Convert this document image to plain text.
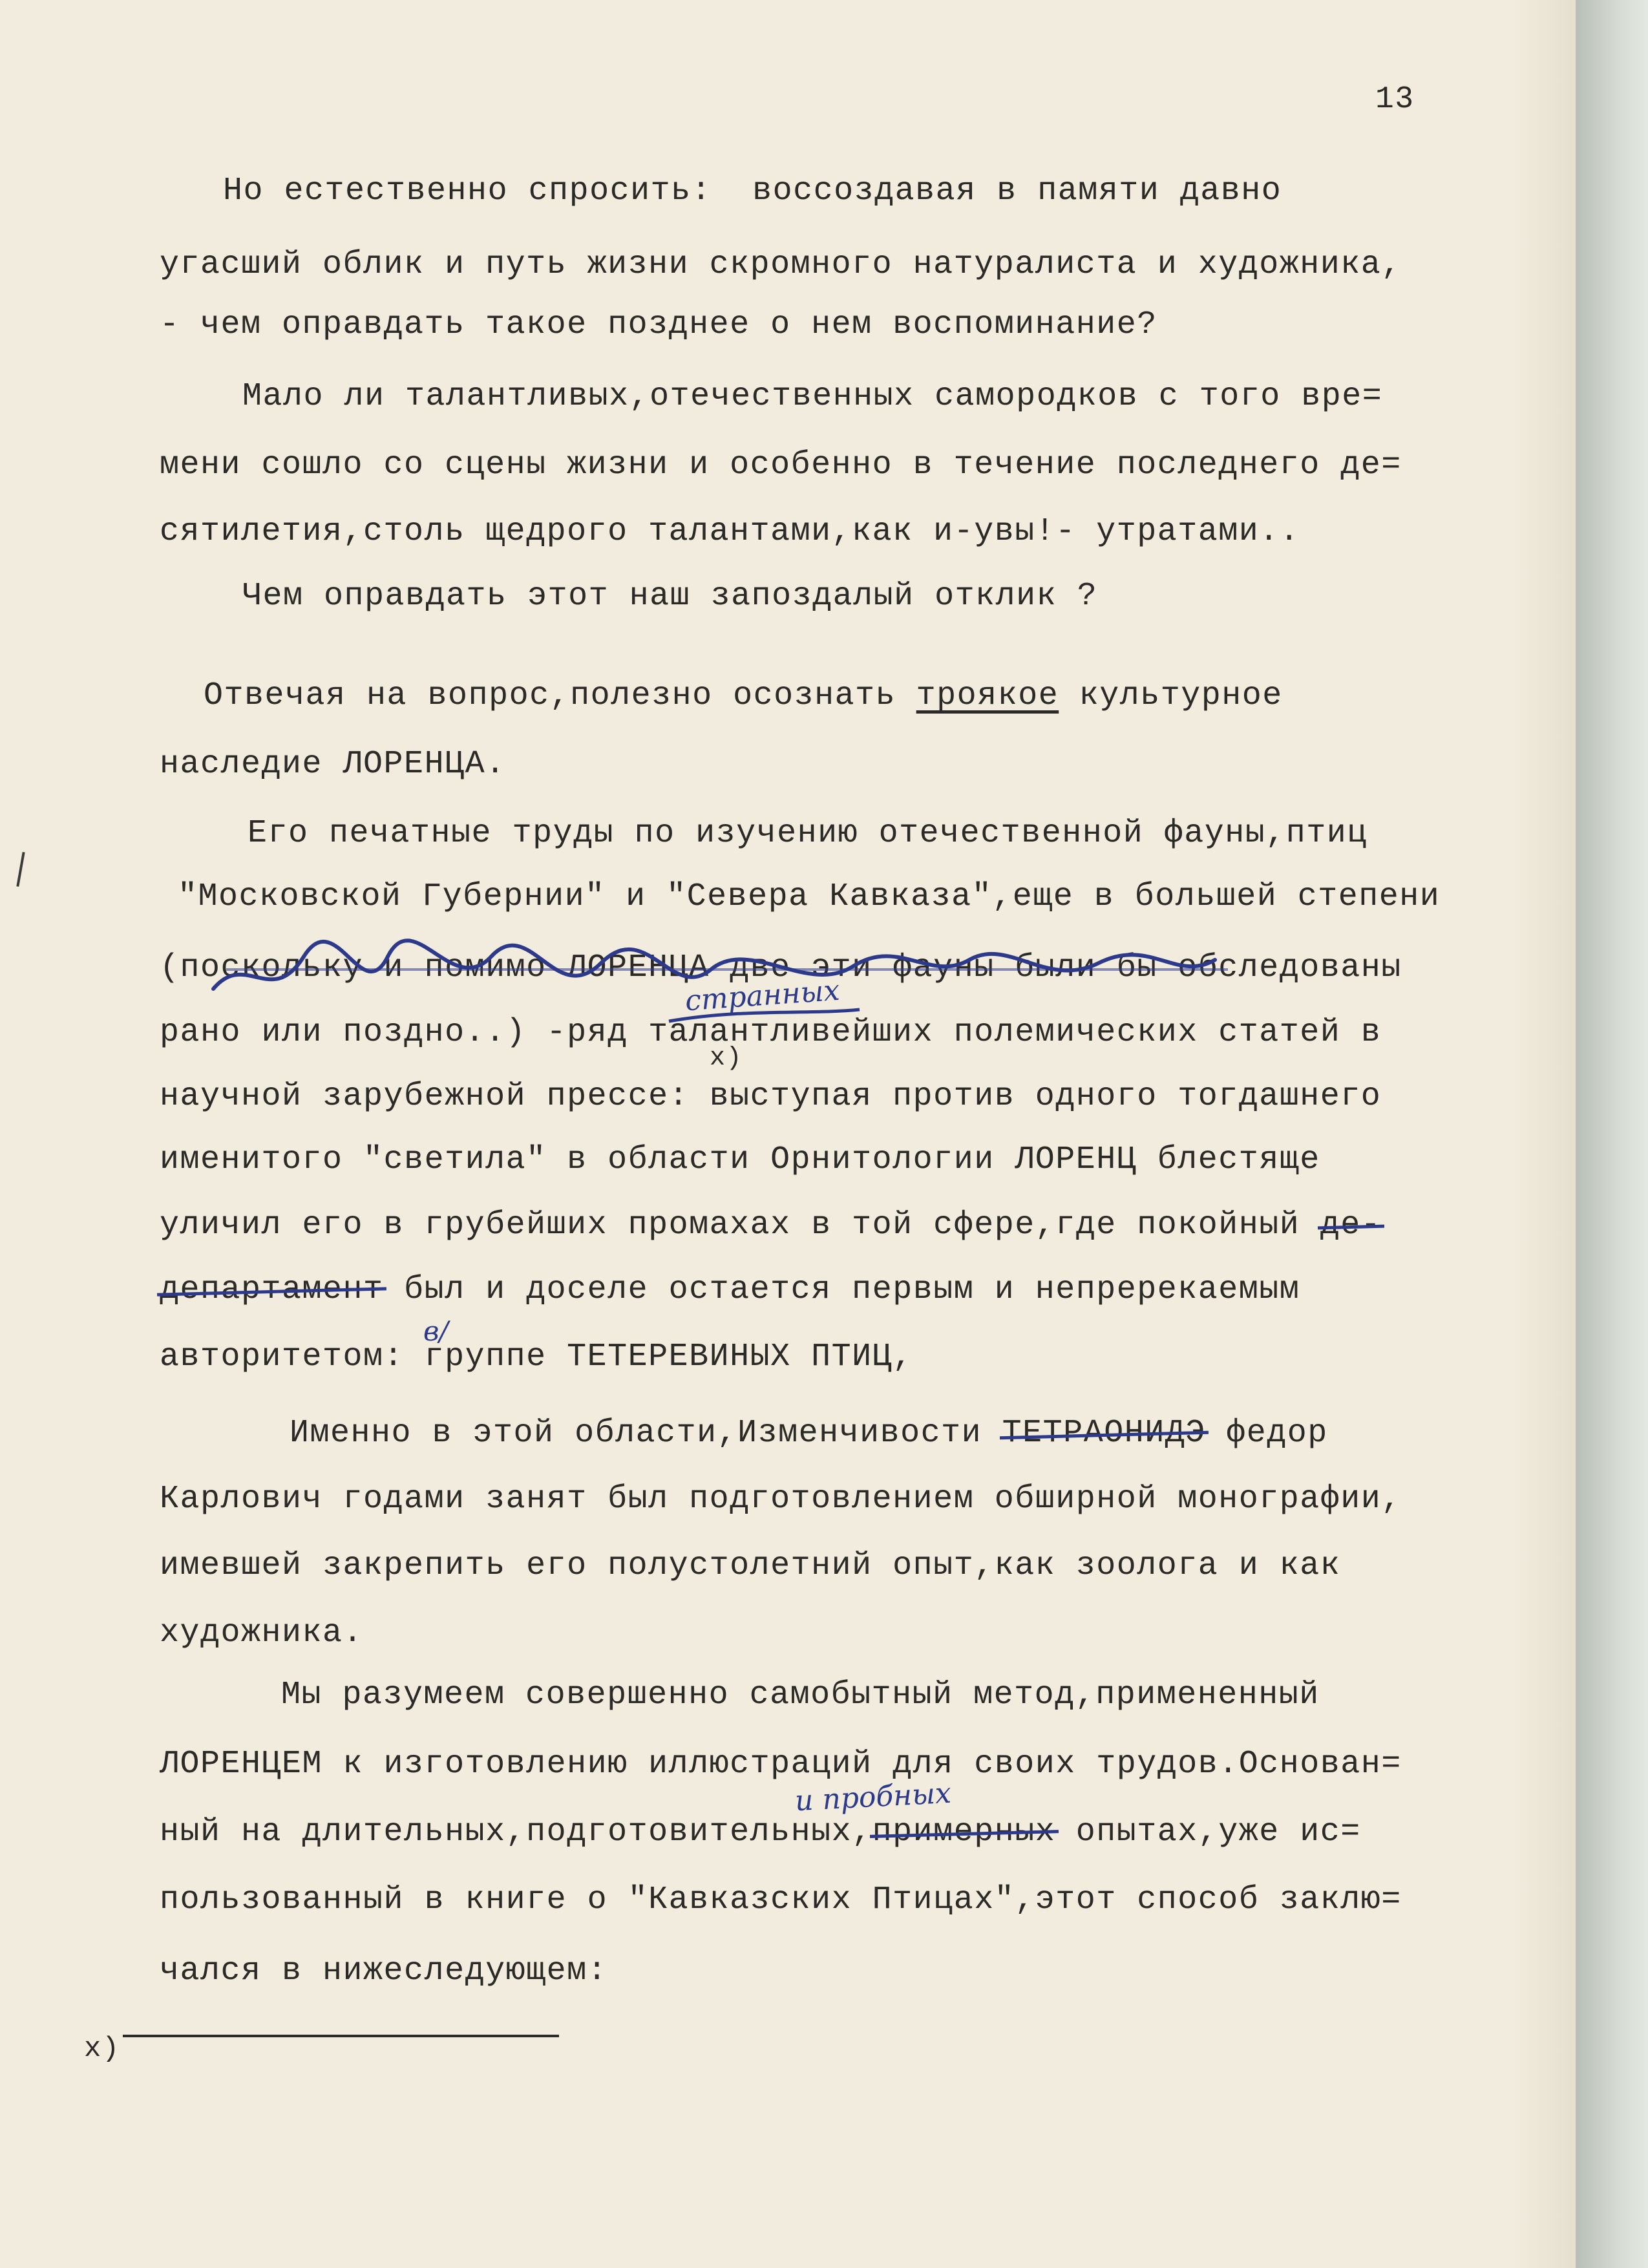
13
Но естественно спросить:  воссоздавая в памяти давно
угасший облик и путь жизни скромного натуралиста и художника,
- чем оправдать такое позднее о нем воспоминание?
Мало ли талантливых,отечественных самородков с того вре=
мени сошло со сцены жизни и особенно в течение последнего де=
сятилетия,столь щедрого талантами,как и-увы!- утратами..
Чем оправдать этот наш запоздалый отклик ?
Отвечая на вопрос,полезно осознать троякое культурное
наследие ЛОРЕНЦА.
Его печатные труды по изучению отечественной фауны,птиц
"Московской Губернии" и "Севера Кавказа",еще в большей степени
(поскольку и помимо ЛОРЕНЦА две эти фауны были бы обследованы
рано или поздно..) -ряд талантливейших полемических статей в
научной зарубежной прессе: выступая против одного тогдашнего
именитого "светила" в области Орнитологии ЛОРЕНЦ блестяще
уличил его в грубейших промахах в той сфере,где покойный де-
департамент был и доселе остается первым и непререкаемым
авторитетом: группе ТЕТЕРЕВИНЫХ ПТИЦ,
x)
Именно в этой области,Изменчивости ТЕТРАОНИДЭ федор
Карлович годами занят был подготовлением обширной монографии,
имевшей закрепить его полустолетний опыт,как зоолога и как
художника.
Мы разумеем совершенно самобытный метод,примененный
ЛОРЕНЦЕМ к изготовлению иллюстраций для своих трудов.Основан=
ный на длительных,подготовительных,примерных опытах,уже ис=
пользованный в книге о "Кавказских Птицах",этот способ заклю=
чался в нижеследующем:
x)
странных
в/
и пробных
